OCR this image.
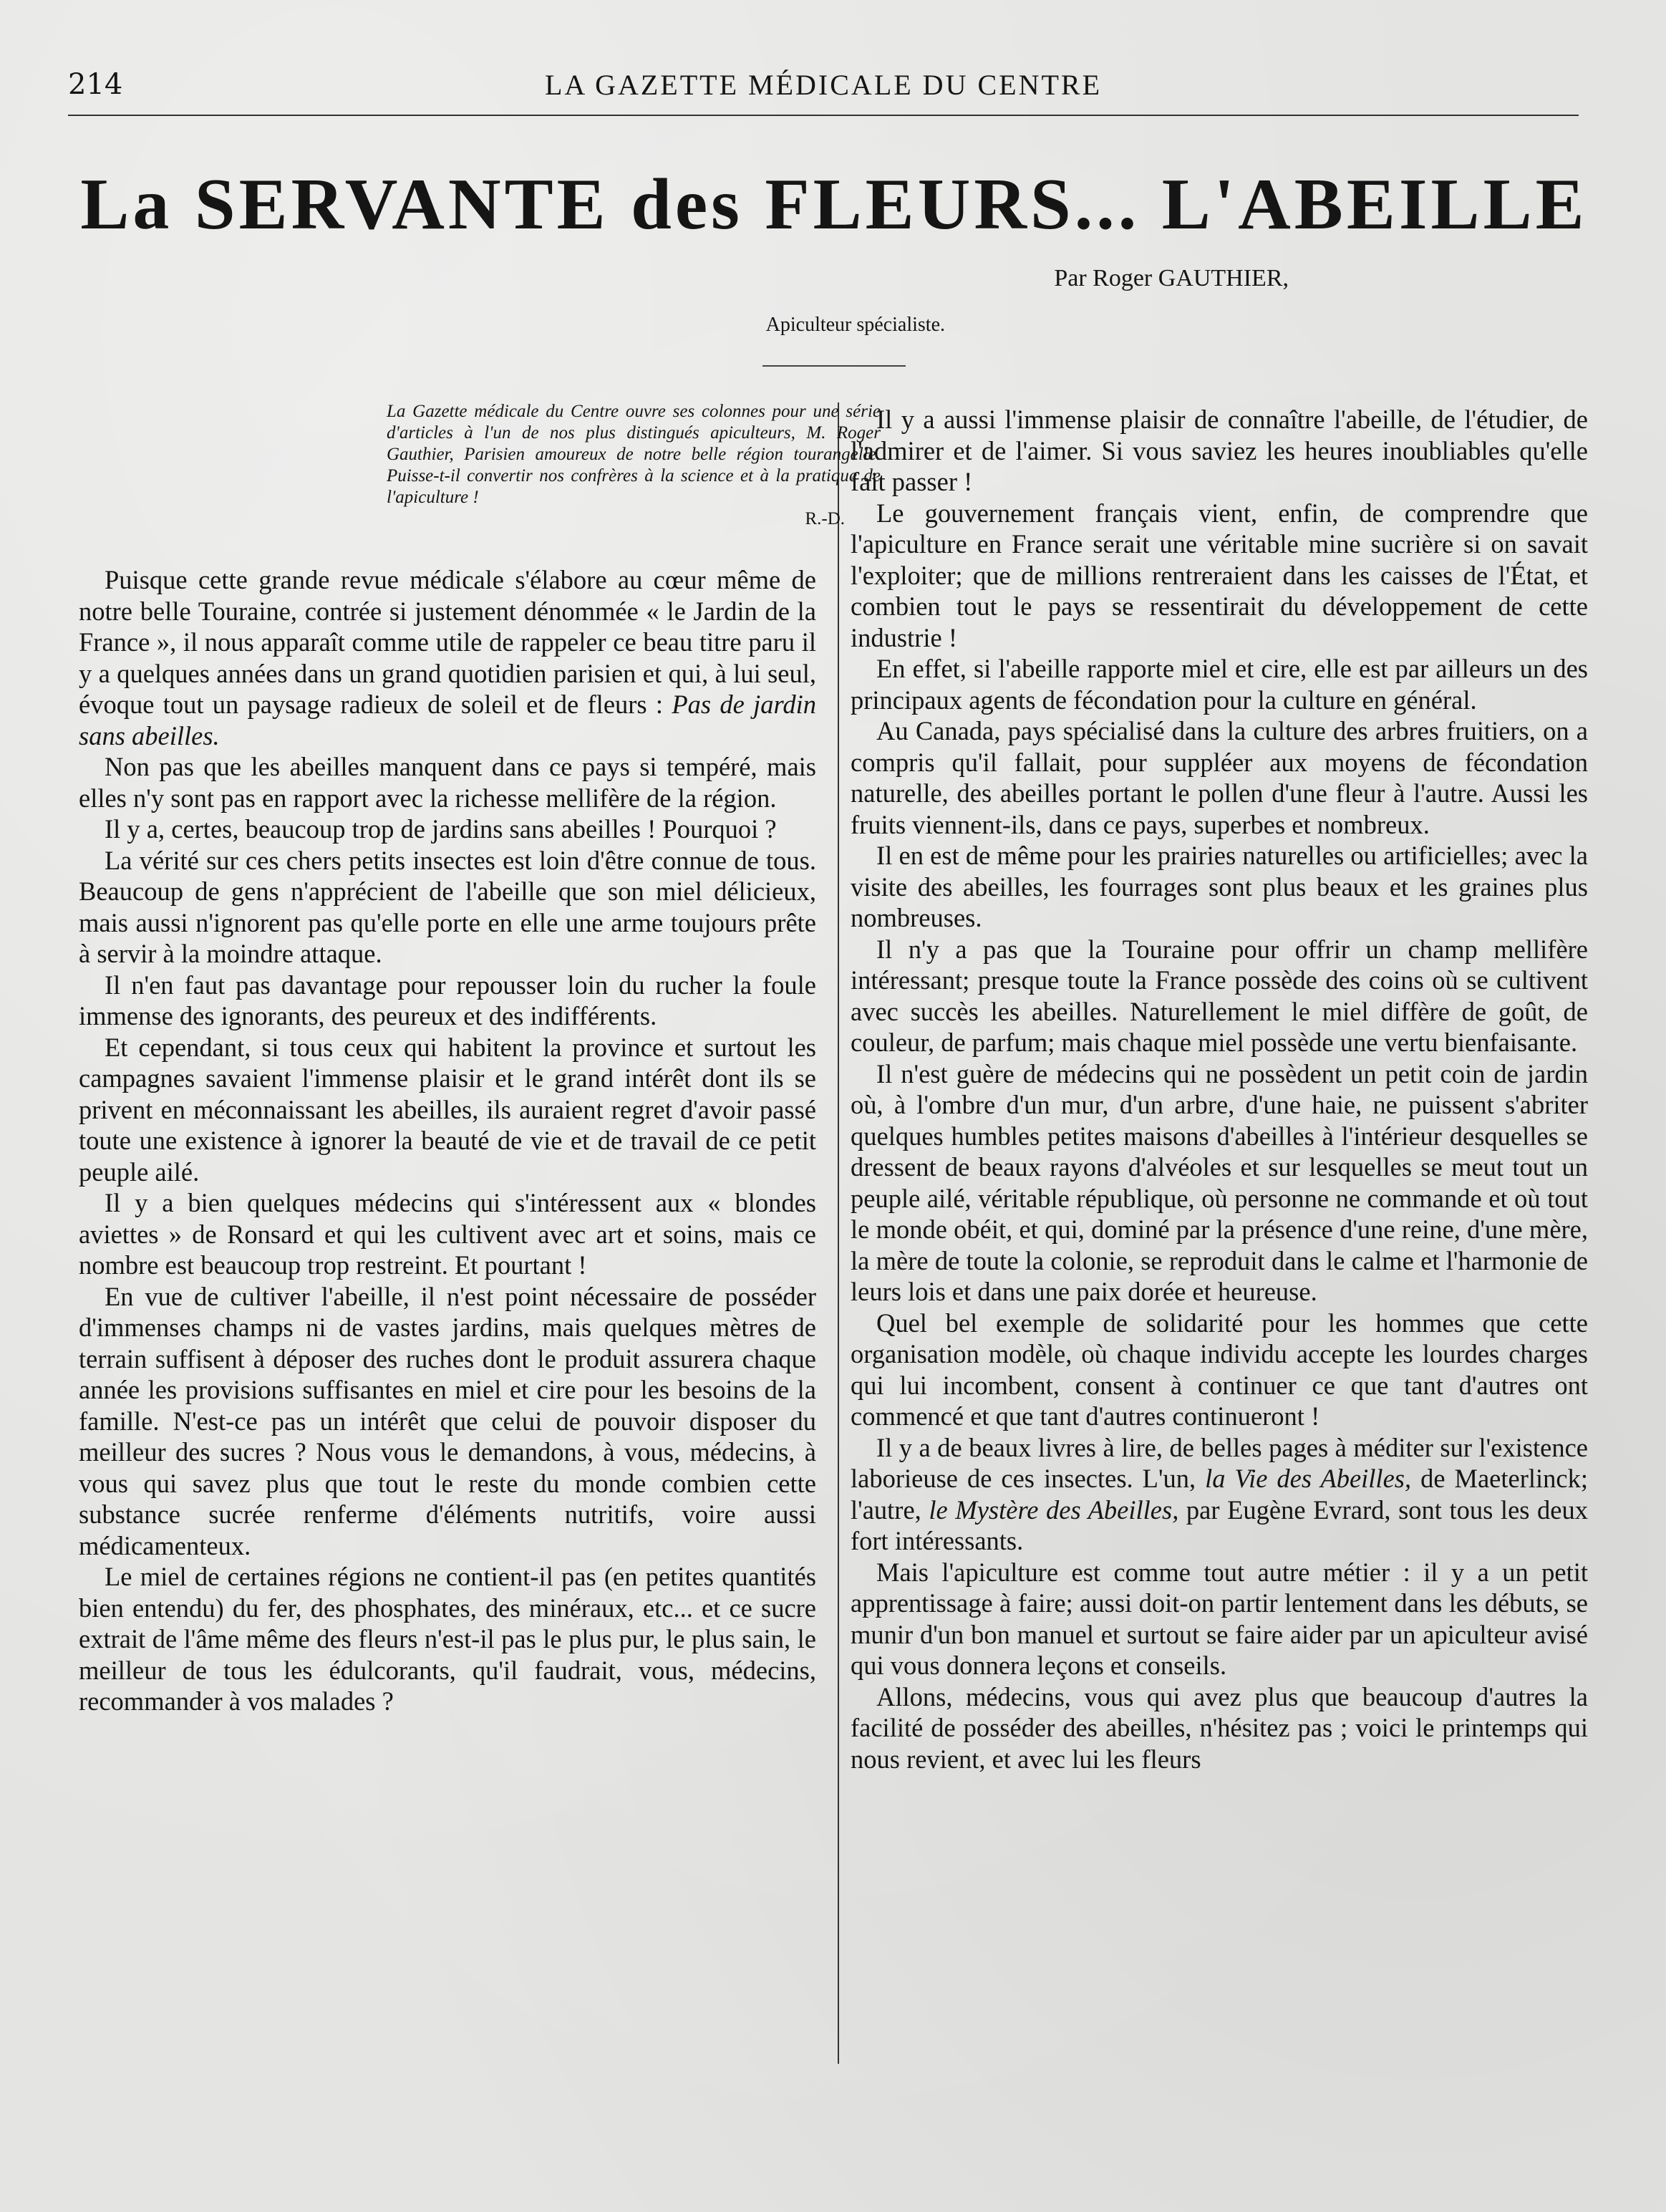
214	LA GAZETTE MÉDICALE DU CENTRE
La SERVANTE des FLEURS... L'ABEILLE
Par Roger GAUTHIER,
Apiculteur spécialiste.
La Gazette médicale du Centre ouvre ses colonnes pour une série d'articles à l'un de nos plus distingués apiculteurs, M. Roger Gauthier, Parisien amoureux de notre belle région tourangelle. Puisse-t-il convertir nos confrères à la science et à la pratique de l'apiculture !
R.-D.

Puisque cette grande revue médicale s'élabore au cœur même de notre belle Touraine, contrée si justement dénommée « le Jardin de la France », il nous apparaît comme utile de rappeler ce beau titre paru il y a quelques années dans un grand quotidien parisien et qui, à lui seul, évoque tout un paysage radieux de soleil et de fleurs : Pas de jardin sans abeilles.

Non pas que les abeilles manquent dans ce pays si tempéré, mais elles n'y sont pas en rapport avec la richesse mellifère de la région.

Il y a, certes, beaucoup trop de jardins sans abeilles ! Pourquoi ?

La vérité sur ces chers petits insectes est loin d'être connue de tous. Beaucoup de gens n'apprécient de l'abeille que son miel délicieux, mais aussi n'ignorent pas qu'elle porte en elle une arme toujours prête à servir à la moindre attaque.

Il n'en faut pas davantage pour repousser loin du rucher la foule immense des ignorants, des peureux et des indifférents.

Et cependant, si tous ceux qui habitent la province et surtout les campagnes savaient l'immense plaisir et le grand intérêt dont ils se privent en méconnaissant les abeilles, ils auraient regret d'avoir passé toute une existence à ignorer la beauté de vie et de travail de ce petit peuple ailé.

Il y a bien quelques médecins qui s'intéressent aux « blondes aviettes » de Ronsard et qui les cultivent avec art et soins, mais ce nombre est beaucoup trop restreint. Et pourtant !

En vue de cultiver l'abeille, il n'est point nécessaire de posséder d'immenses champs ni de vastes jardins, mais quelques mètres de terrain suffisent à déposer des ruches dont le produit assurera chaque année les provisions suffisantes en miel et cire pour les besoins de la famille. N'est-ce pas un intérêt que celui de pouvoir disposer du meilleur des sucres ? Nous vous le demandons, à vous, médecins, à vous qui savez plus que tout le reste du monde combien cette substance sucrée renferme d'éléments nutritifs, voire aussi médicamenteux.

Le miel de certaines régions ne contient-il pas (en petites quantités bien entendu) du fer, des phosphates, des minéraux, etc... et ce sucre extrait de l'âme même des fleurs n'est-il pas le plus pur, le plus sain, le meilleur de tous les édulcorants, qu'il faudrait, vous, médecins, recommander à vos malades ?

Il y a aussi l'immense plaisir de connaître l'abeille, de l'étudier, de l'admirer et de l'aimer. Si vous saviez les heures inoubliables qu'elle fait passer !

Le gouvernement français vient, enfin, de comprendre que l'apiculture en France serait une véritable mine sucrière si on savait l'exploiter; que de millions rentreraient dans les caisses de l'État, et combien tout le pays se ressentirait du développement de cette industrie !

En effet, si l'abeille rapporte miel et cire, elle est par ailleurs un des principaux agents de fécondation pour la culture en général.

Au Canada, pays spécialisé dans la culture des arbres fruitiers, on a compris qu'il fallait, pour suppléer aux moyens de fécondation naturelle, des abeilles portant le pollen d'une fleur à l'autre. Aussi les fruits viennent-ils, dans ce pays, superbes et nombreux.

Il en est de même pour les prairies naturelles ou artificielles; avec la visite des abeilles, les fourrages sont plus beaux et les graines plus nombreuses.

Il n'y a pas que la Touraine pour offrir un champ mellifère intéressant; presque toute la France possède des coins où se cultivent avec succès les abeilles. Naturellement le miel diffère de goût, de couleur, de parfum; mais chaque miel possède une vertu bienfaisante.

Il n'est guère de médecins qui ne possèdent un petit coin de jardin où, à l'ombre d'un mur, d'un arbre, d'une haie, ne puissent s'abriter quelques humbles petites maisons d'abeilles à l'intérieur desquelles se dressent de beaux rayons d'alvéoles et sur lesquelles se meut tout un peuple ailé, véritable république, où personne ne commande et où tout le monde obéit, et qui, dominé par la présence d'une reine, d'une mère, la mère de toute la colonie, se reproduit dans le calme et l'harmonie de leurs lois et dans une paix dorée et heureuse.

Quel bel exemple de solidarité pour les hommes que cette organisation modèle, où chaque individu accepte les lourdes charges qui lui incombent, consent à continuer ce que tant d'autres ont commencé et que tant d'autres continueront !

Il y a de beaux livres à lire, de belles pages à méditer sur l'existence laborieuse de ces insectes. L'un, la Vie des Abeilles, de Maeterlinck; l'autre, le Mystère des Abeilles, par Eugène Evrard, sont tous les deux fort intéressants.

Mais l'apiculture est comme tout autre métier : il y a un petit apprentissage à faire; aussi doit-on partir lentement dans les débuts, se munir d'un bon manuel et surtout se faire aider par un apiculteur avisé qui vous donnera leçons et conseils.

Allons, médecins, vous qui avez plus que beaucoup d'autres la facilité de posséder des abeilles, n'hésitez pas ; voici le printemps qui nous revient, et avec lui les fleurs
